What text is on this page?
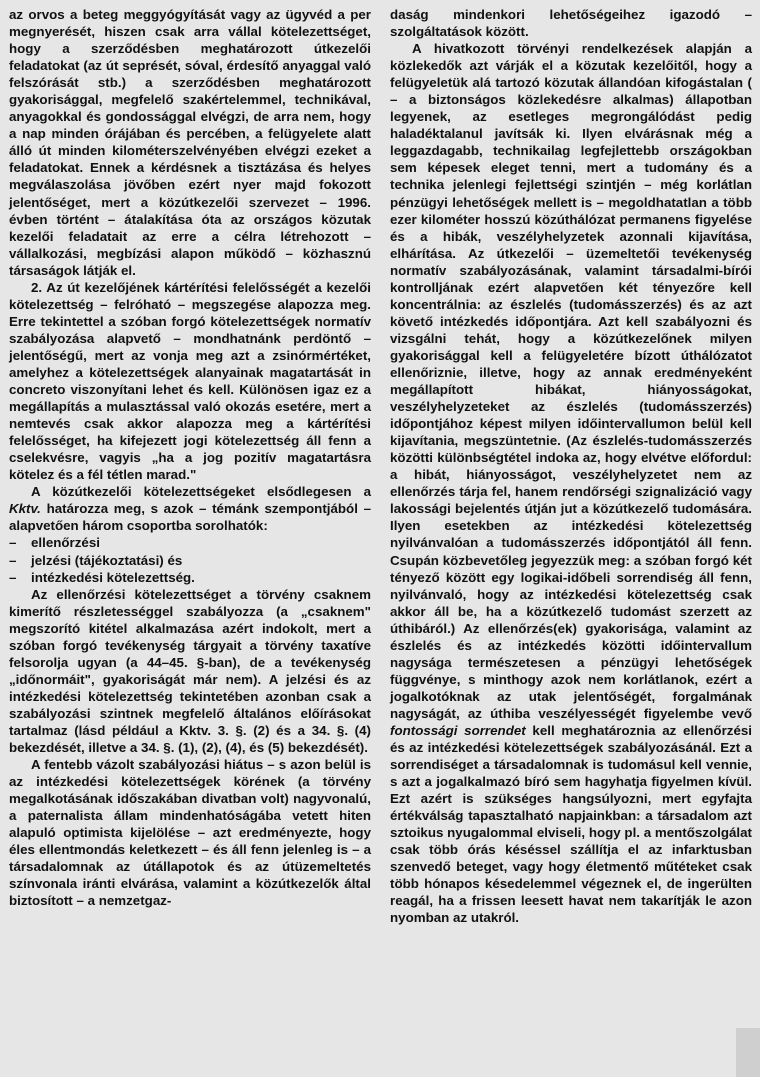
az orvos a beteg meggyógyítását vagy az ügyvéd a per megnyerését, hiszen csak arra vállal kötelezettséget, hogy a szerződésben meghatározott útkezelői feladatokat (az út seprését, sóval, érdesítő anyaggal való felszórását stb.) a szerződésben meghatározott gyakorisággal, megfelelő szakértelemmel, technikával, anyagokkal és gondossággal elvégzi, de arra nem, hogy a nap minden órájában és percében, a felügyelete alatt álló út minden kilométerszelvényében elvégzi ezeket a feladatokat. Ennek a kérdésnek a tisztázása és helyes megválaszolása jövőben ezért nyer majd fokozott jelentőséget, mert a közútkezelői szervezet – 1996. évben történt – átalakítása óta az országos közutak kezelői feladatait az erre a célra létrehozott – vállalkozási, megbízási alapon működő – közhasznú társaságok látják el.

2. Az út kezelőjének kártérítési felelősségét a kezelői kötelezettség – felróható – megszegése alapozza meg. Erre tekintettel a szóban forgó kötelezettségek normatív szabályozása alapvető – mondhatnánk perdöntő – jelentőségű, mert az vonja meg azt a zsinórmértéket, amelyhez a kötelezettségek alanyainak magatartását in concreto viszonyítani lehet és kell. Különösen igaz ez a megállapítás a mulasztással való okozás esetére, mert a nemtevés csak akkor alapozza meg a kártérítési felelősséget, ha kifejezett jogi kötelezettség áll fenn a cselekvésre, vagyis „ha a jog pozitív magatartásra kötelez és a fél tétlen marad."

A közútkezelői kötelezettségeket elsődlegesen a Kktv. határozza meg, s azok – témánk szempontjából – alapvetően három csoportba sorolhatók:

– ellenőrzési
– jelzési (tájékoztatási) és
– intézkedési kötelezettség.

Az ellenőrzési kötelezettséget a törvény csaknem kimerítő részletességgel szabályozza (a „csaknem" megszorító kitétel alkalmazása azért indokolt, mert a szóban forgó tevékenység tárgyait a törvény taxatíve felsorolja ugyan (a 44–45. §-ban), de a tevékenység „időnormáit", gyakoriságát már nem). A jelzési és az intézkedési kötelezettség tekintetében azonban csak a szabályozási szintnek megfelelő általános előírásokat tartalmaz (lásd például a Kktv. 3. §. (2) és a 34. §. (4) bekezdését, illetve a 34. §. (1), (2), (4), és (5) bekezdését).

A fentebb vázolt szabályozási hiátus – s azon belül is az intézkedési kötelezettségek körének (a törvény megalkotásának időszakában divatban volt) nagyvonalú, a paternalista állam mindenhatóságába vetett hiten alapuló optimista kijelölése – azt eredményezte, hogy éles ellentmondás keletkezett – és áll fenn jelenleg is – a társadalomnak az útállapotok és az útüzemeltetés színvonala iránti elvárása, valamint a közútkezelők által biztosított – a nemzetgaz-

daság mindenkori lehetőségeihez igazodó – szolgáltatások között.

A hivatkozott törvényi rendelkezések alapján a közlekedők azt várják el a közutak kezelőitől, hogy a felügyeletük alá tartozó közutak állandóan kifogástalan ( – a biztonságos közlekedésre alkalmas) állapotban legyenek, az esetleges megrongálódást pedig haladéktalanul javítsák ki. Ilyen elvárásnak még a leggazdagabb, technikailag legfejlettebb országokban sem képesek eleget tenni, mert a tudomány és a technika jelenlegi fejlettségi szintjén – még korlátlan pénzügyi lehetőségek mellett is – megoldhatatlan a több ezer kilométer hosszú közúthálózat permanens figyelése és a hibák, veszélyhelyzetek azonnali kijavítása, elhárítása. Az útkezelői – üzemeltetői tevékenység normatív szabályozásának, valamint társadalmi-bírói kontrolljának ezért alapvetően két tényezőre kell koncentrálnia: az észlelés (tudomásszerzés) és az azt követő intézkedés időpontjára. Azt kell szabályozni és vizsgálni tehát, hogy a közútkezelőnek milyen gyakorisággal kell a felügyeletére bízott úthálózatot ellenőriznie, illetve, hogy az annak eredményeként megállapított hibákat, hiányosságokat, veszélyhelyzeteket az észlelés (tudomásszerzés) időpontjához képest milyen időintervallumon belül kell kijavítania, megszüntetnie. (Az észlelés-tudomásszerzés közötti különbségtétel indoka az, hogy elvétve előfordul: a hibát, hiányosságot, veszélyhelyzetet nem az ellenőrzés tárja fel, hanem rendőrségi szignalizáció vagy lakossági bejelentés útján jut a közútkezelő tudomására. Ilyen esetekben az intézkedési kötelezettség nyilvánvalóan a tudomásszerzés időpontjától áll fenn. Csupán közbevetőleg jegyezzük meg: a szóban forgó két tényező között egy logikai-időbeli sorrendiség áll fenn, nyilvánvaló, hogy az intézkedési kötelezettség csak akkor áll be, ha a közútkezelő tudomást szerzett az úthibáról.) Az ellenőrzés(ek) gyakorisága, valamint az észlelés és az intézkedés közötti időintervallum nagysága természetesen a pénzügyi lehetőségek függvénye, s minthogy azok nem korlátlanok, ezért a jogalkotóknak az utak jelentőségét, forgalmának nagyságát, az úthiba veszélyességét figyelembe vevő fontossági sorrendet kell meghatároznia az ellenőrzési és az intézkedési kötelezettségek szabályozásánál. Ezt a sorrendiséget a társadalomnak is tudomásul kell vennie, s azt a jogalkalmazó bíró sem hagyhatja figyelmen kívül. Ezt azért is szükséges hangsúlyozni, mert egyfajta értékválság tapasztalható napjainkban: a társadalom azt sztoikus nyugalommal elviseli, hogy pl. a mentőszolgálat csak több órás késéssel szállítja el az infarktusban szenvedő beteget, vagy hogy életmentő műtéteket csak több hónapos késedelemmel végeznek el, de ingerülten reagál, ha a frissen leesett havat nem takarítják le azon nyomban az utakról.
